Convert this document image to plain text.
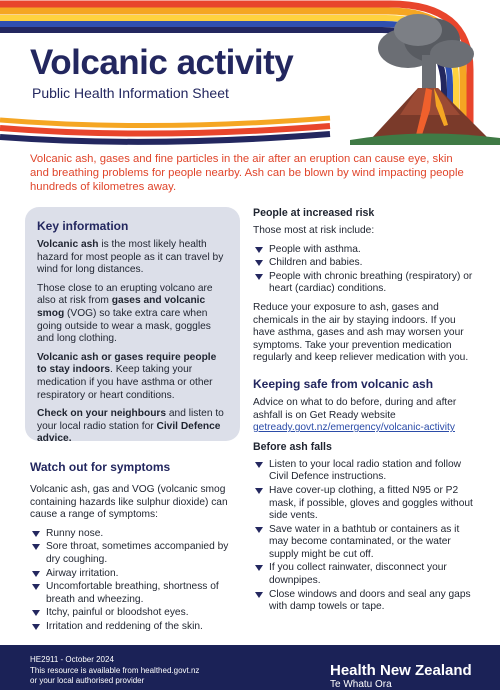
Volcanic activity
Public Health Information Sheet
Volcanic ash, gases and fine particles in the air after an eruption can cause eye, skin and breathing problems for people nearby. Ash can be blown by wind impacting people hundreds of kilometres away.
Key information

Volcanic ash is the most likely health hazard for most people as it can travel by wind for long distances.

Those close to an erupting volcano are also at risk from gases and volcanic smog (VOG) so take extra care when going outside to wear a mask, goggles and long clothing.

Volcanic ash or gases require people to stay indoors. Keep taking your medication if you have asthma or other respiratory or heart conditions.

Check on your neighbours and listen to your local radio station for Civil Defence advice.

Watch out for symptoms

Volcanic ash, gas and VOG (volcanic smog containing hazards like sulphur dioxide) can cause a range of symptoms:

Runny nose.
Sore throat, sometimes accompanied by dry coughing.
Airway irritation.
Uncomfortable breathing, shortness of breath and wheezing.
Itchy, painful or bloodshot eyes.
Irritation and reddening of the skin.
People at increased risk

Those most at risk include:

People with asthma.
Children and babies.
People with chronic breathing (respiratory) or heart (cardiac) conditions.

Reduce your exposure to ash, gases and chemicals in the air by staying indoors. If you have asthma, gases and ash may worsen your symptoms. Take your prevention medication regularly and keep reliever medication with you.

Keeping safe from volcanic ash

Advice on what to do before, during and after ashfall is on Get Ready website
getready.govt.nz/emergency/volcanic-activity

Before ash falls
Listen to your local radio station and follow Civil Defence instructions.
Have cover-up clothing, a fitted N95 or P2 mask, if possible, gloves and goggles without side vents.
Save water in a bathtub or containers as it may become contaminated, or the water supply might be cut off.
If you collect rainwater, disconnect your downpipes.
Close windows and doors and seal any gaps with damp towels or tape.
HE2911 - October 2024
This resource is available from healthed.govt.nz
or your local authorised provider
Health New Zealand
Te Whatu Ora
